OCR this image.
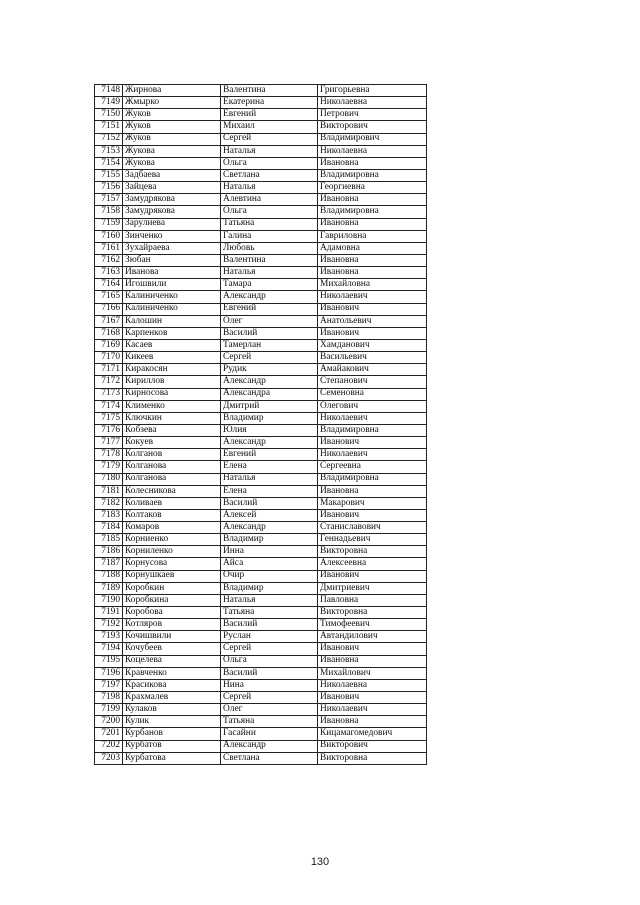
7148	Жирнова	Валентина	Григорьевна
7149	Жмырко	Екатерина	Николаевна
7150	Жуков	Евгений	Петрович
7151	Жуков	Михаил	Викторович
7152	Жуков	Сергей	Владимирович
7153	Жукова	Наталья	Николаевна
7154	Жукова	Ольга	Ивановна
7155	Задбаева	Светлана	Владимировна
7156	Зайцева	Наталья	Георгиевна
7157	Замудрякова	Алевтина	Ивановна
7158	Замудрякова	Ольга	Владимировна
7159	Зарулиева	Татьяна	Ивановна
7160	Зинченко	Галина	Гавриловна
7161	Зухайраева	Любовь	Адамовна
7162	Зюбан	Валентина	Ивановна
7163	Иванова	Наталья	Ивановна
7164	Игошвили	Тамара	Михайловна
7165	Калиниченко	Александр	Николаевич
7166	Калиниченко	Евгений	Иванович
7167	Калошин	Олег	Анатольевич
7168	Карпенков	Василий	Иванович
7169	Касаев	Тамерлан	Хамданович
7170	Кикеев	Сергей	Васильевич
7171	Киракосян	Рудик	Амайакович
7172	Кириллов	Александр	Степанович
7173	Кирносова	Александра	Семеновна
7174	Клименко	Дмитрий	Олегович
7175	Ключкин	Владимир	Николаевич
7176	Кобзева	Юлия	Владимировна
7177	Кокуев	Александр	Иванович
7178	Колганов	Евгений	Николаевич
7179	Колганова	Елена	Сергеевна
7180	Колганова	Наталья	Владимировна
7181	Колесникова	Елена	Ивановна
7182	Коливаев	Василий	Макарович
7183	Колтаков	Алексей	Иванович
7184	Комаров	Александр	Станиславович
7185	Корниенко	Владимир	Геннадьевич
7186	Корниленко	Инна	Викторовна
7187	Корнусова	Айса	Алексеевна
7188	Корнушкаев	Очир	Иванович
7189	Коробкин	Владимир	Дмитриевич
7190	Коробкина	Наталья	Павловна
7191	Коробова	Татьяна	Викторовна
7192	Котляров	Василий	Тимофеевич
7193	Кочишвили	Руслан	Автандилович
7194	Кочубеев	Сергей	Иванович
7195	Коцелева	Ольга	Ивановна
7196	Кравченко	Василий	Михайлович
7197	Красикова	Нина	Николаевна
7198	Крахмалев	Сергей	Иванович
7199	Кулаков	Олег	Николаевич
7200	Кулик	Татьяна	Ивановна
7201	Курбанов	Гасайни	Кицамагомедович
7202	Курбатов	Александр	Викторович
7203	Курбатова	Светлана	Викторовна
130
